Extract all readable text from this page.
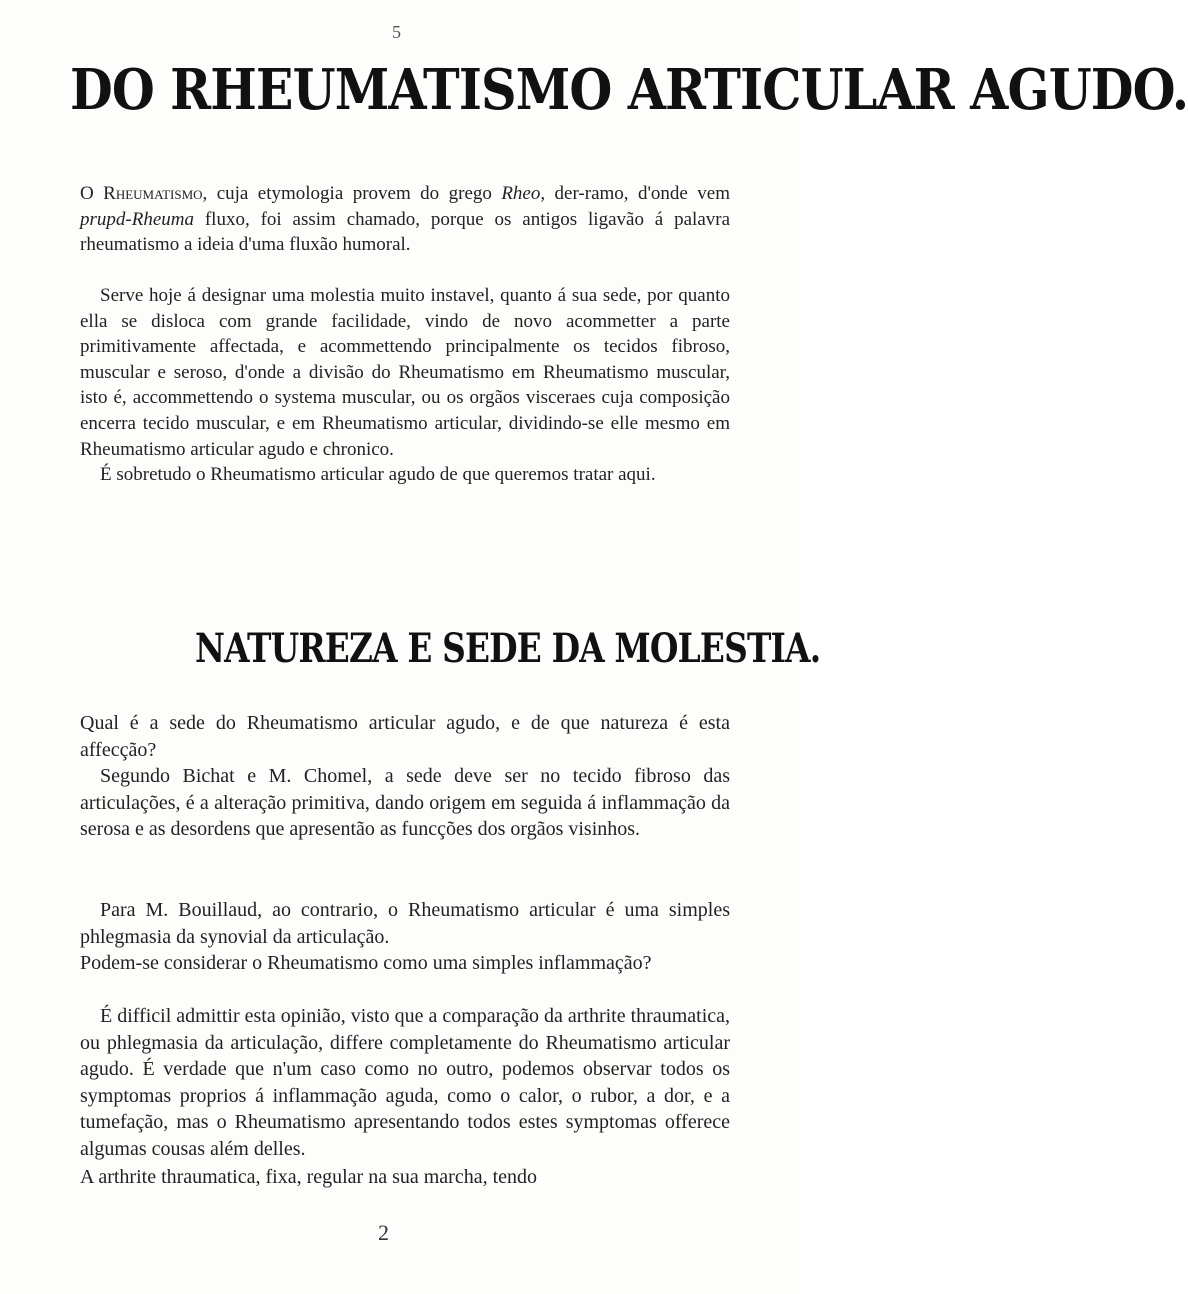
5
DO RHEUMATISMO ARTICULAR AGUDO.

O Rheumatismo, cuja etymologia provem do grego Rheo, der-ramo, d'onde vem prupd-Rheuma fluxo, foi assim chamado, porque os antigos ligavão á palavra rheumatismo a ideia d'uma fluxão humoral.

Serve hoje á designar uma molestia muito instavel, quanto á sua sede, por quanto ella se disloca com grande facilidade, vindo de novo acommetter a parte primitivamente affectada, e acommettendo principalmente os tecidos fibroso, muscular e seroso, d'onde a divisão do Rheumatismo em Rheumatismo muscular, isto é, accommettendo o systema muscular, ou os orgãos visceraes cuja composição encerra tecido muscular, e em Rheumatismo articular, dividindo-se elle mesmo em Rheumatismo articular agudo e chronico.

É sobretudo o Rheumatismo articular agudo de que queremos tratar aqui.

NATUREZA E SEDE DA MOLESTIA.

Qual é a sede do Rheumatismo articular agudo, e de que natureza é esta affecção?

Segundo Bichat e M. Chomel, a sede deve ser no tecido fibroso das articulações, é a alteração primitiva, dando origem em seguida á inflammação da serosa e as desordens que apresentão as funcções dos orgãos visinhos.

Para M. Bouillaud, ao contrario, o Rheumatismo articular é uma simples phlegmasia da synovial da articulação.

Podem-se considerar o Rheumatismo como uma simples inflammação?

É difficil admittir esta opinião, visto que a comparação da arthrite thraumatica, ou phlegmasia da articulação, differe completamente do Rheumatismo articular agudo. É verdade que n'um caso como no outro, podemos observar todos os symptomas proprios á inflammação aguda, como o calor, o rubor, a dor, e a tumefação, mas o Rheumatismo apresentando todos estes symptomas offerece algumas cousas além delles.

A arthrite thraumatica, fixa, regular na sua marcha, tendo

2
